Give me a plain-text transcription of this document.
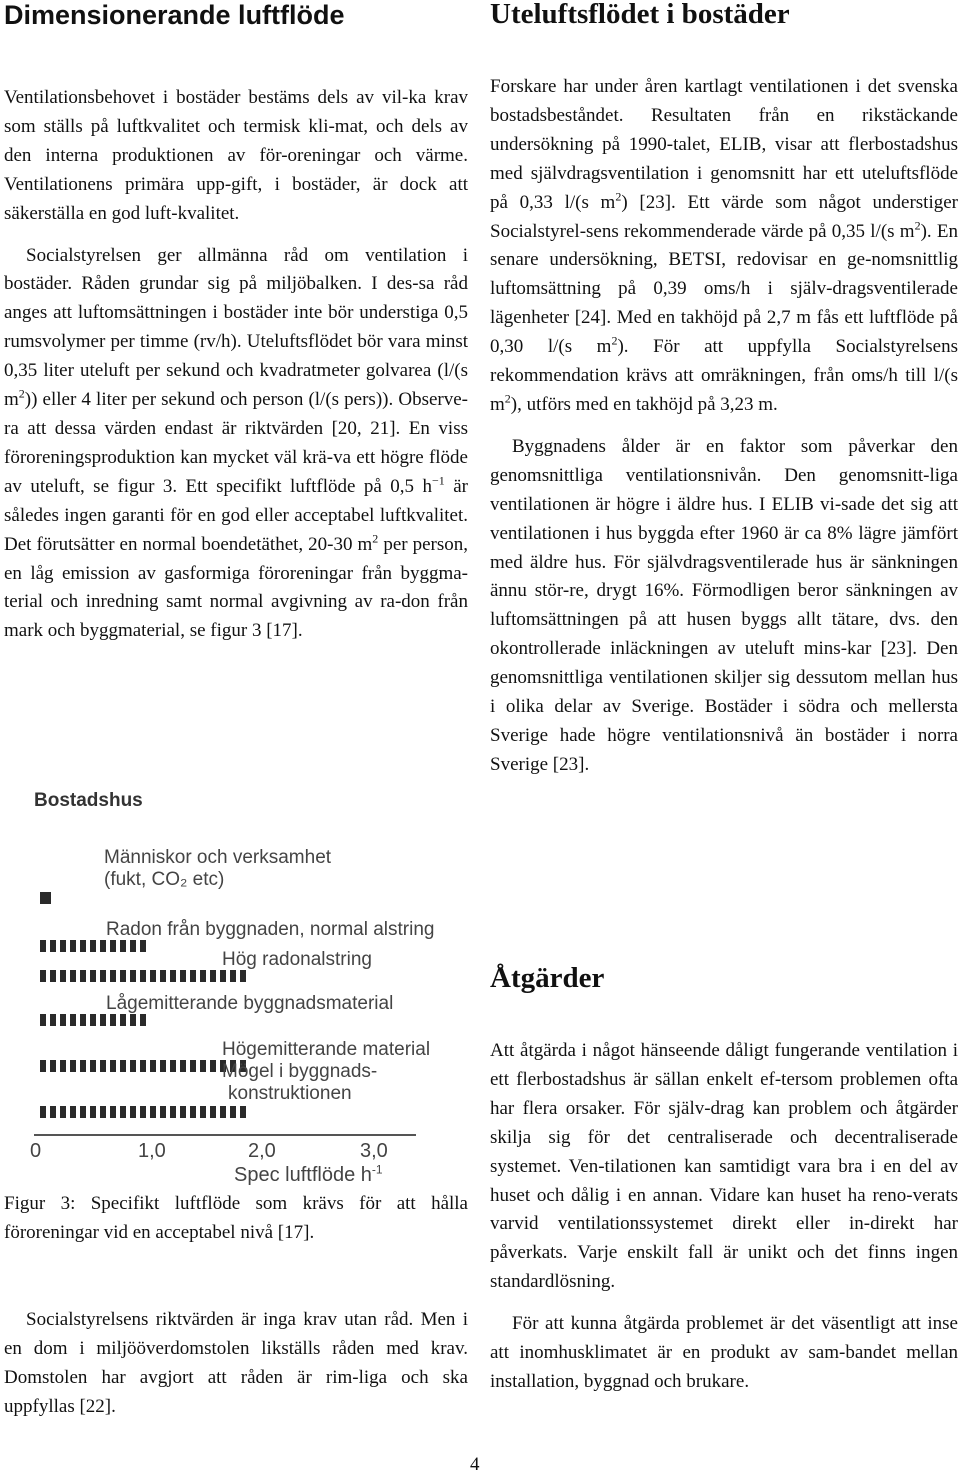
Dimensionerande luftflöde	Uteluftsflödet i bostäder
Åtgärder

Ventilationsbehovet i bostäder bestäms dels av vil-ka krav som ställs på luftkvalitet och termisk kli-mat, och dels av den interna produktionen av för-oreningar och värme. Ventilationens primära upp-gift, i bostäder, är dock att säkerställa en god luft-kvalitet.

Socialstyrelsen ger allmänna råd om ventilation i bostäder. Råden grundar sig på miljöbalken. I des-sa råd anges att luftomsättningen i bostäder inte bör understiga 0,5 rumsvolymer per timme (rv/h). Uteluftsflödet bör vara minst 0,35 liter uteluft per sekund och kvadratmeter golvarea (l/(s $m^2$)) eller 4 liter per sekund och person (l/(s pers)). Observe-ra att dessa värden endast är riktvärden [20, 21]. En viss föroreningsproduktion kan mycket väl krä-va ett högre flöde av uteluft, se figur 3. Ett specifikt luftflöde på 0,5 $h^{-1}$ är således ingen garanti för en god eller acceptabel luftkvalitet. Det förutsätter en normal boendetäthet, 20-30 $m^2$ per person, en låg emission av gasformiga föroreningar från byggma-terial och inredning samt normal avgivning av ra-don från mark och byggmaterial, se figur 3 [17].

Bostadshus
Människor och verksamhet
(fukt, CO₂ etc)
Radon från byggnaden, normal alstring
Hög radonalstring
Lågemitterande byggnadsmaterial
Högemitterande material
Mögel i byggnads-
konstruktionen
0	1,0	2,0	3,0
Spec luftflöde $h^{-1}$

Figur 3: Specifikt luftflöde som krävs för att hålla föroreningar vid en acceptabel nivå [17].

Socialstyrelsens riktvärden är inga krav utan råd. Men i en dom i miljööverdomstolen likställs råden med krav. Domstolen har avgjort att råden är rim-liga och ska uppfyllas [22].

Forskare har under åren kartlagt ventilationen i det svenska bostadsbeståndet. Resultaten från en rikstäckande undersökning på 1990-talet, ELIB, visar att flerbostadshus med självdragsventilation i genomsnitt har ett uteluftsflöde på 0,33 l/(s $m^2$) [23]. Ett värde som något understiger Socialstyrel-sens rekommenderade värde på 0,35 l/(s $m^2$). En senare undersökning, BETSI, redovisar en ge-nomsnittlig luftomsättning på 0,39 oms/h i själv-dragsventilerade lägenheter [24]. Med en takhöjd på 2,7 m fås ett luftflöde på 0,30 l/(s $m^2$). För att uppfylla Socialstyrelsens rekommendation krävs att omräkningen, från oms/h till l/(s $m^2$), utförs med en takhöjd på 3,23 m.

Byggnadens ålder är en faktor som påverkar den genomsnittliga ventilationsnivån. Den genomsnitt-liga ventilationen är högre i äldre hus. I ELIB vi-sade det sig att ventilationen i hus byggda efter 1960 är ca 8% lägre jämfört med äldre hus. För självdragsventilerade hus är sänkningen ännu stör-re, drygt 16%. Förmodligen beror sänkningen av luftomsättningen på att husen byggs allt tätare, dvs. den okontrollerade inläckningen av uteluft mins-kar [23]. Den genomsnittliga ventilationen skiljer sig dessutom mellan hus i olika delar av Sverige. Bostäder i södra och mellersta Sverige hade högre ventilationsnivå än bostäder i norra Sverige [23].

Att åtgärda i något hänseende dåligt fungerande ventilation i ett flerbostadshus är sällan enkelt ef-tersom problemen ofta har flera orsaker. För själv-drag kan problem och åtgärder skilja sig för det centraliserade och decentraliserade systemet. Ven-tilationen kan samtidigt vara bra i en del av huset och dålig i en annan. Vidare kan huset ha reno-verats varvid ventilationssystemet direkt eller in-direkt har påverkats. Varje enskilt fall är unikt och det finns ingen standardlösning.

För att kunna åtgärda problemet är det väsentligt att inse att inomhusklimatet är en produkt av sam-bandet mellan installation, byggnad och brukare.

4
